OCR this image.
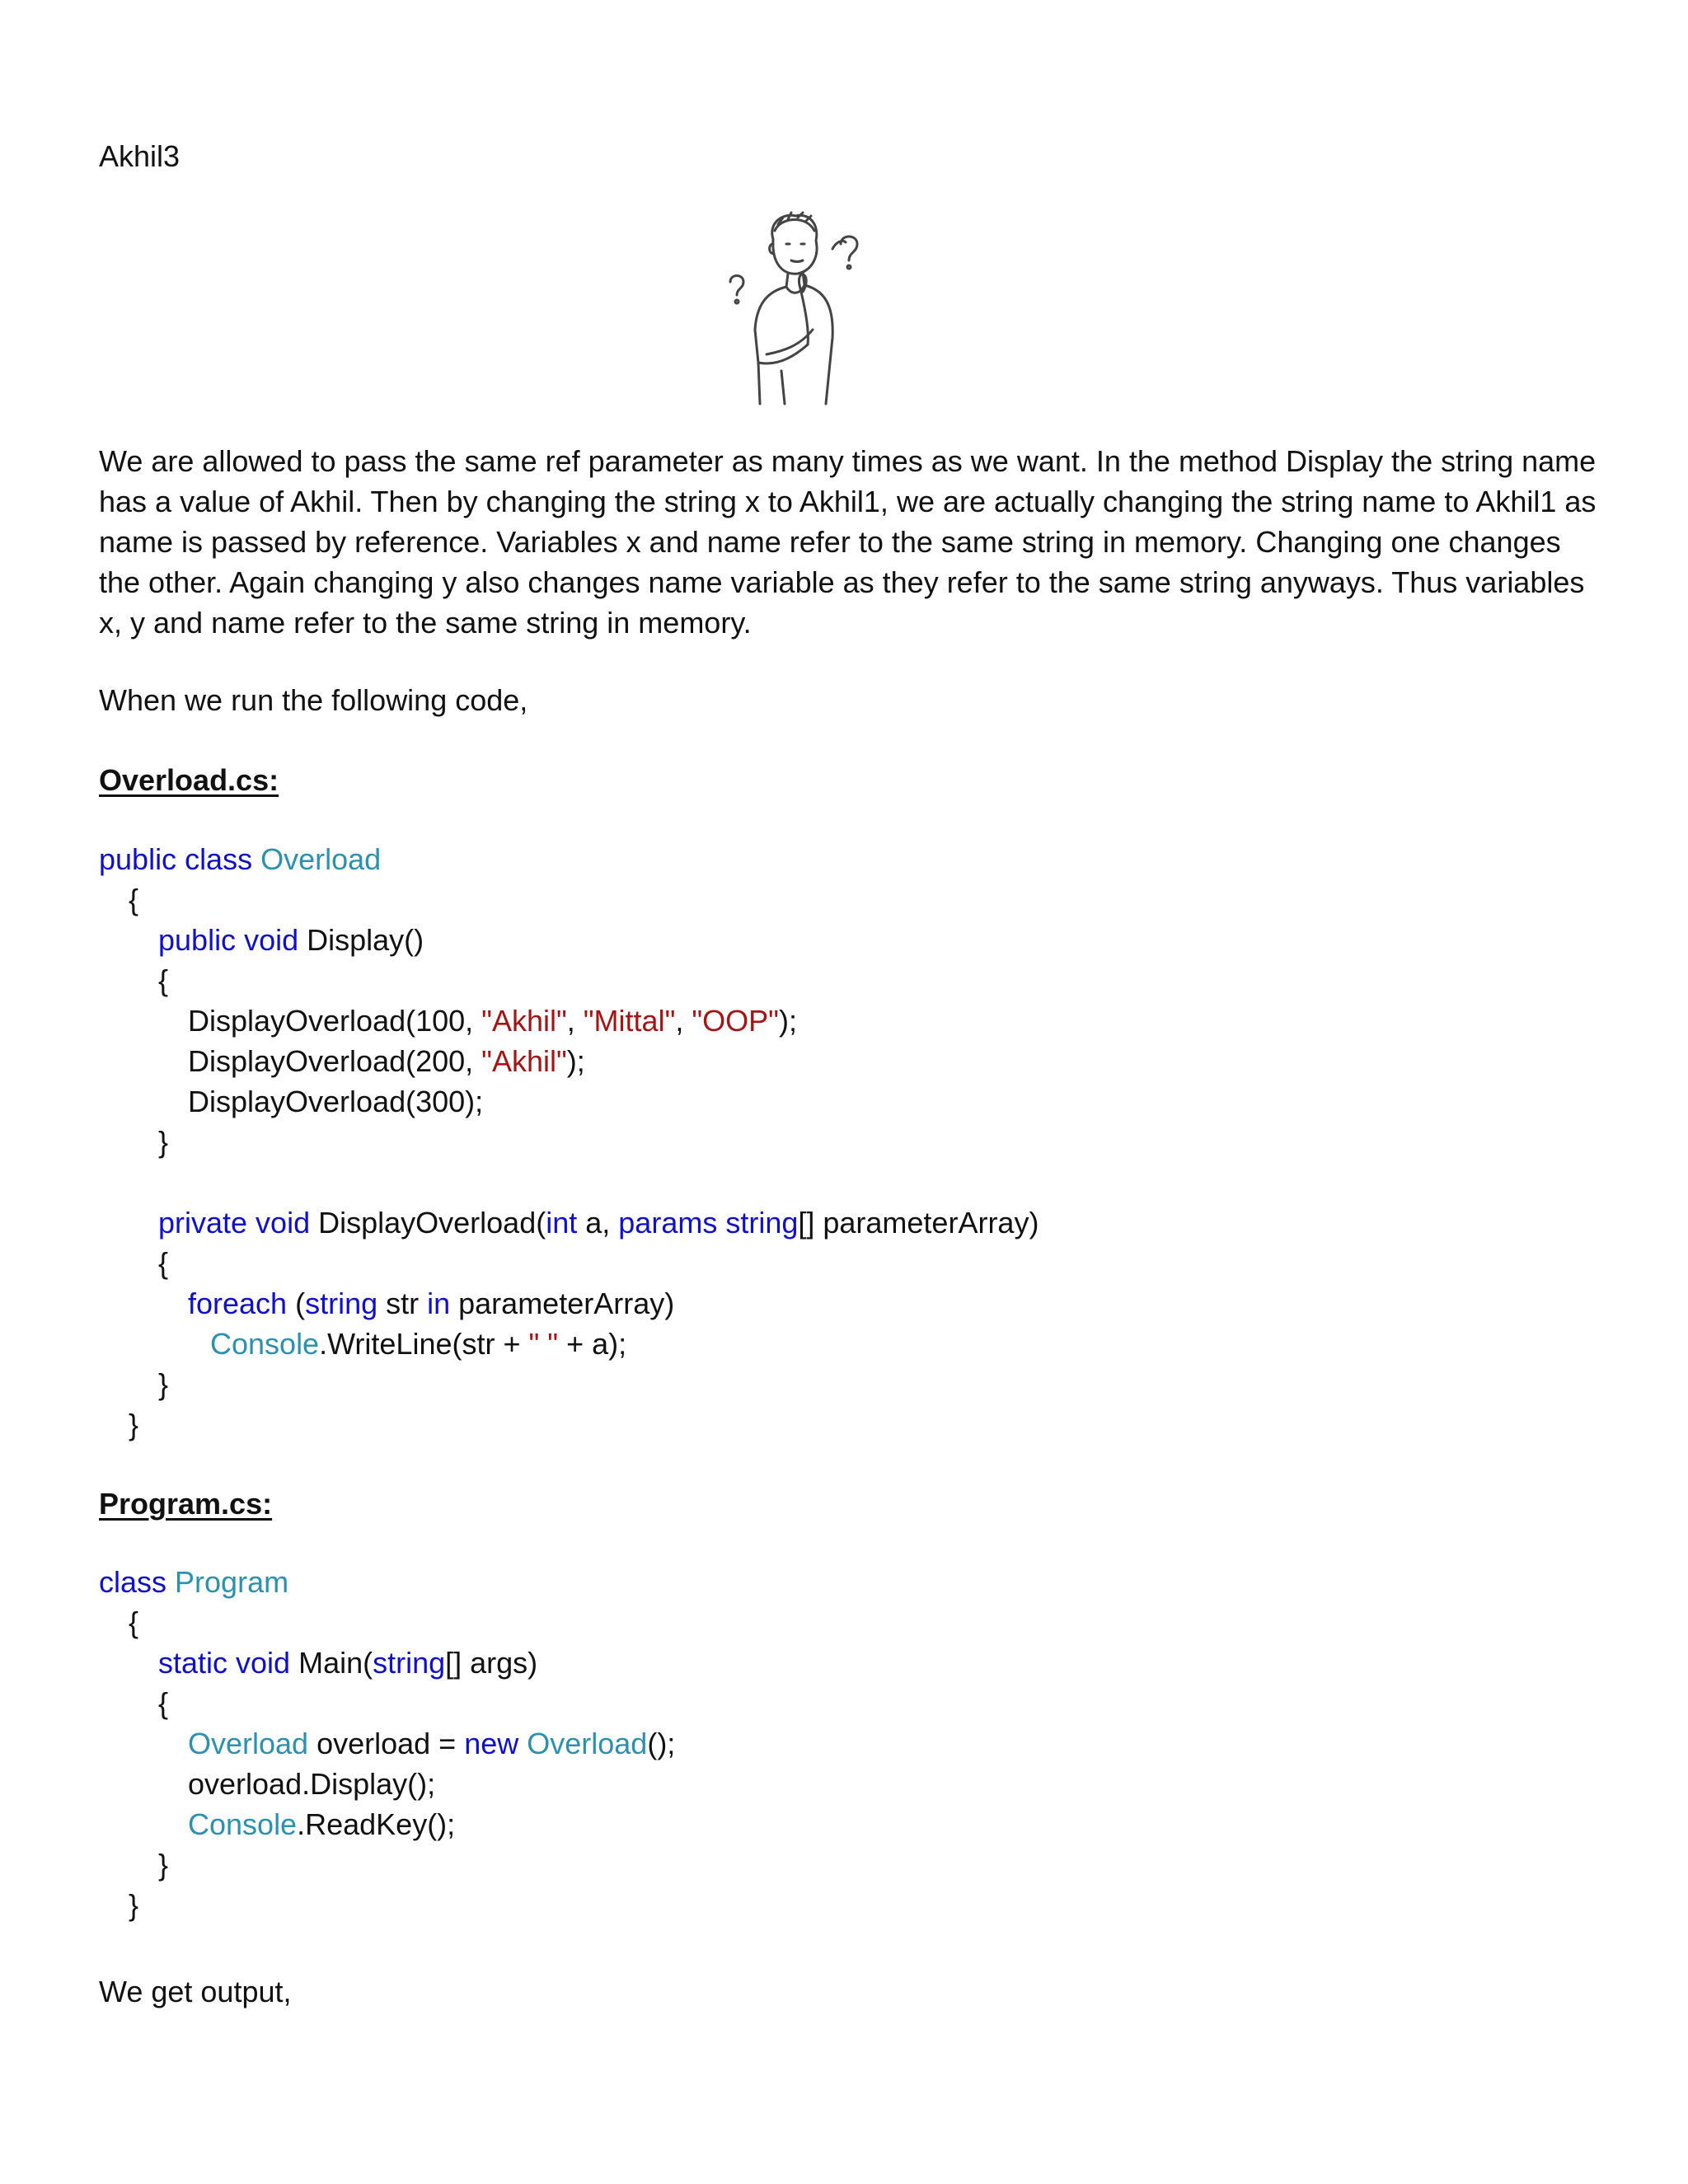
Akhil3

We are allowed to pass the same ref parameter as many times as we want. In the method Display the string name has a value of Akhil. Then by changing the string x to Akhil1, we are actually changing the string name to Akhil1 as name is passed by reference. Variables x and name refer to the same string in memory. Changing one changes the other. Again changing y also changes name variable as they refer to the same string anyways. Thus variables x, y and name refer to the same string in memory.

When we run the following code,

Overload.cs:

public class Overload

{

public void Display()

{

DisplayOverload(100, "Akhil", "Mittal", "OOP");

DisplayOverload(200, "Akhil");

DisplayOverload(300);

}

private void DisplayOverload(int a, params string[] parameterArray)

{

foreach (string str in parameterArray)

Console.WriteLine(str + " " + a);

}

}

Program.cs:

class Program

{

static void Main(string[] args)

{

Overload overload = new Overload();

overload.Display();

Console.ReadKey();

}

}

We get output,
